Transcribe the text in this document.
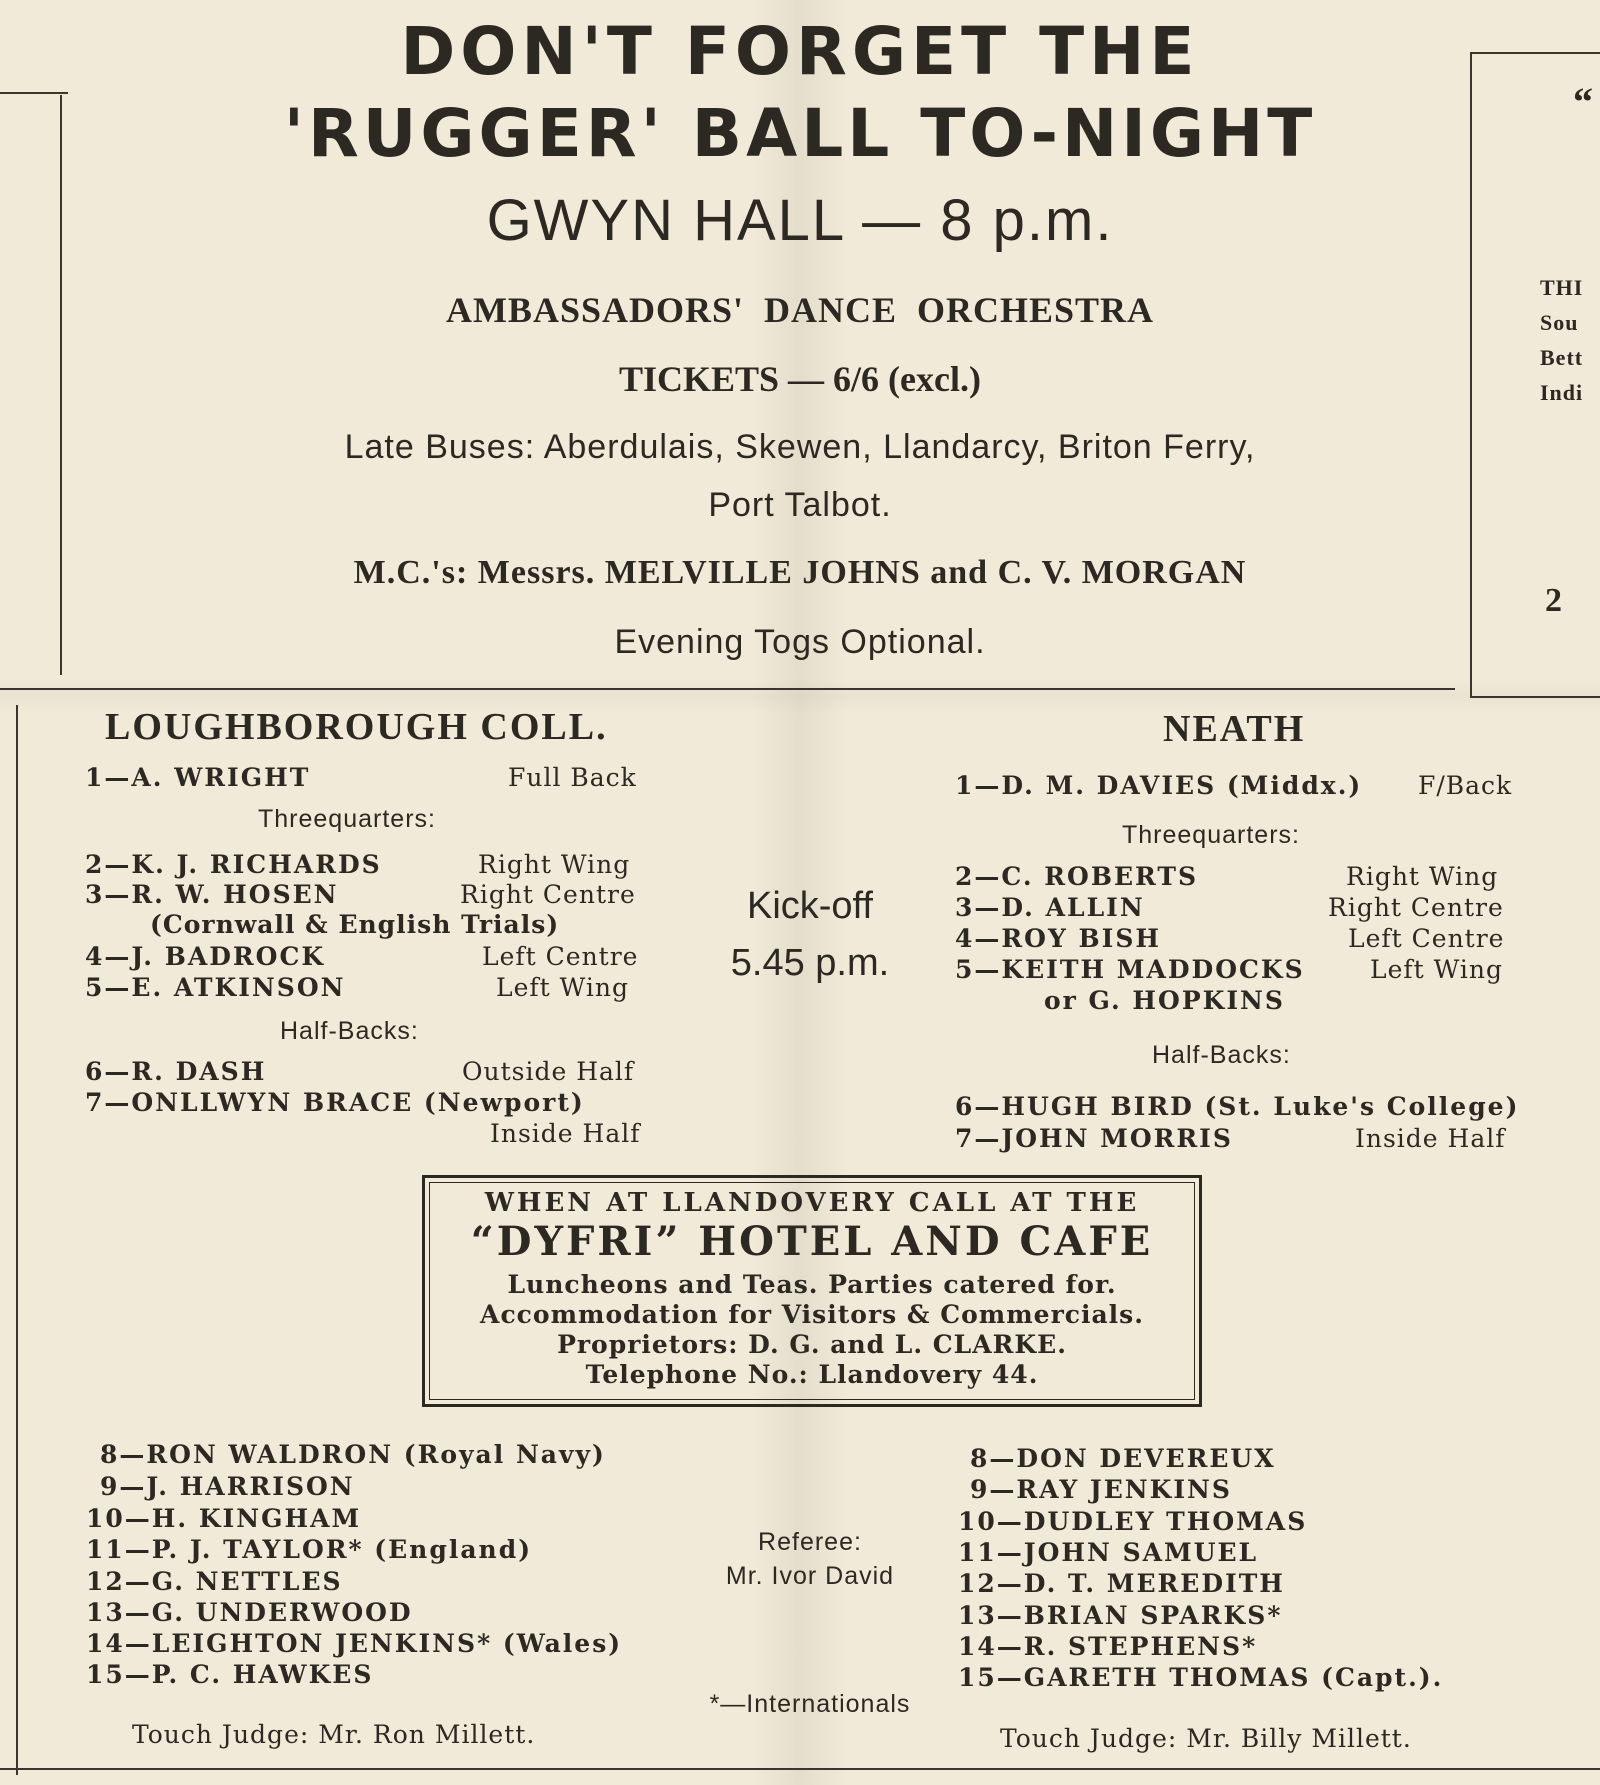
DON'T FORGET THE
'RUGGER' BALL TO-NIGHT
GWYN HALL — 8 p.m.
AMBASSADORS'  DANCE  ORCHESTRA
TICKETS — 6/6 (excl.)
Late Buses: Aberdulais, Skewen, Llandarcy, Briton Ferry,
Port Talbot.
M.C.'s: Messrs. MELVILLE JOHNS and C. V. MORGAN
Evening Togs Optional.
“
THI
Sou
Bett
Indi
2
LOUGHBOROUGH COLL.
1—A. WRIGHT	Full Back
Threequarters:
2—K. J. RICHARDS	Right Wing
3—R. W. HOSEN	Right Centre
(Cornwall & English Trials)
4—J. BADROCK	Left Centre
5—E. ATKINSON	Left Wing
Half-Backs:
6—R. DASH	Outside Half
7—ONLLWYN BRACE (Newport)
Inside Half
8—RON WALDRON (Royal Navy)
9—J. HARRISON
10—H. KINGHAM
11—P. J. TAYLOR* (England)
12—G. NETTLES
13—G. UNDERWOOD
14—LEIGHTON JENKINS* (Wales)
15—P. C. HAWKES
Touch Judge: Mr. Ron Millett.
Kick-off
5.45 p.m.
Referee:
Mr. Ivor David
*—Internationals
NEATH
1—D. M. DAVIES (Middx.) F/Back
Threequarters:
2—C. ROBERTS	Right Wing
3—D. ALLIN	Right Centre
4—ROY BISH	Left Centre
5—KEITH MADDOCKS	Left Wing
or G. HOPKINS
Half-Backs:
6—HUGH BIRD (St. Luke's College)
7—JOHN MORRIS	Inside Half
8—DON DEVEREUX
9—RAY JENKINS
10—DUDLEY THOMAS
11—JOHN SAMUEL
12—D. T. MEREDITH
13—BRIAN SPARKS*
14—R. STEPHENS*
15—GARETH THOMAS (Capt.).
Touch Judge: Mr. Billy Millett.
WHEN AT LLANDOVERY CALL AT THE
“DYFRI” HOTEL AND CAFE
Luncheons and Teas. Parties catered for.
Accommodation for Visitors & Commercials.
Proprietors: D. G. and L. CLARKE.
Telephone No.: Llandovery 44.
